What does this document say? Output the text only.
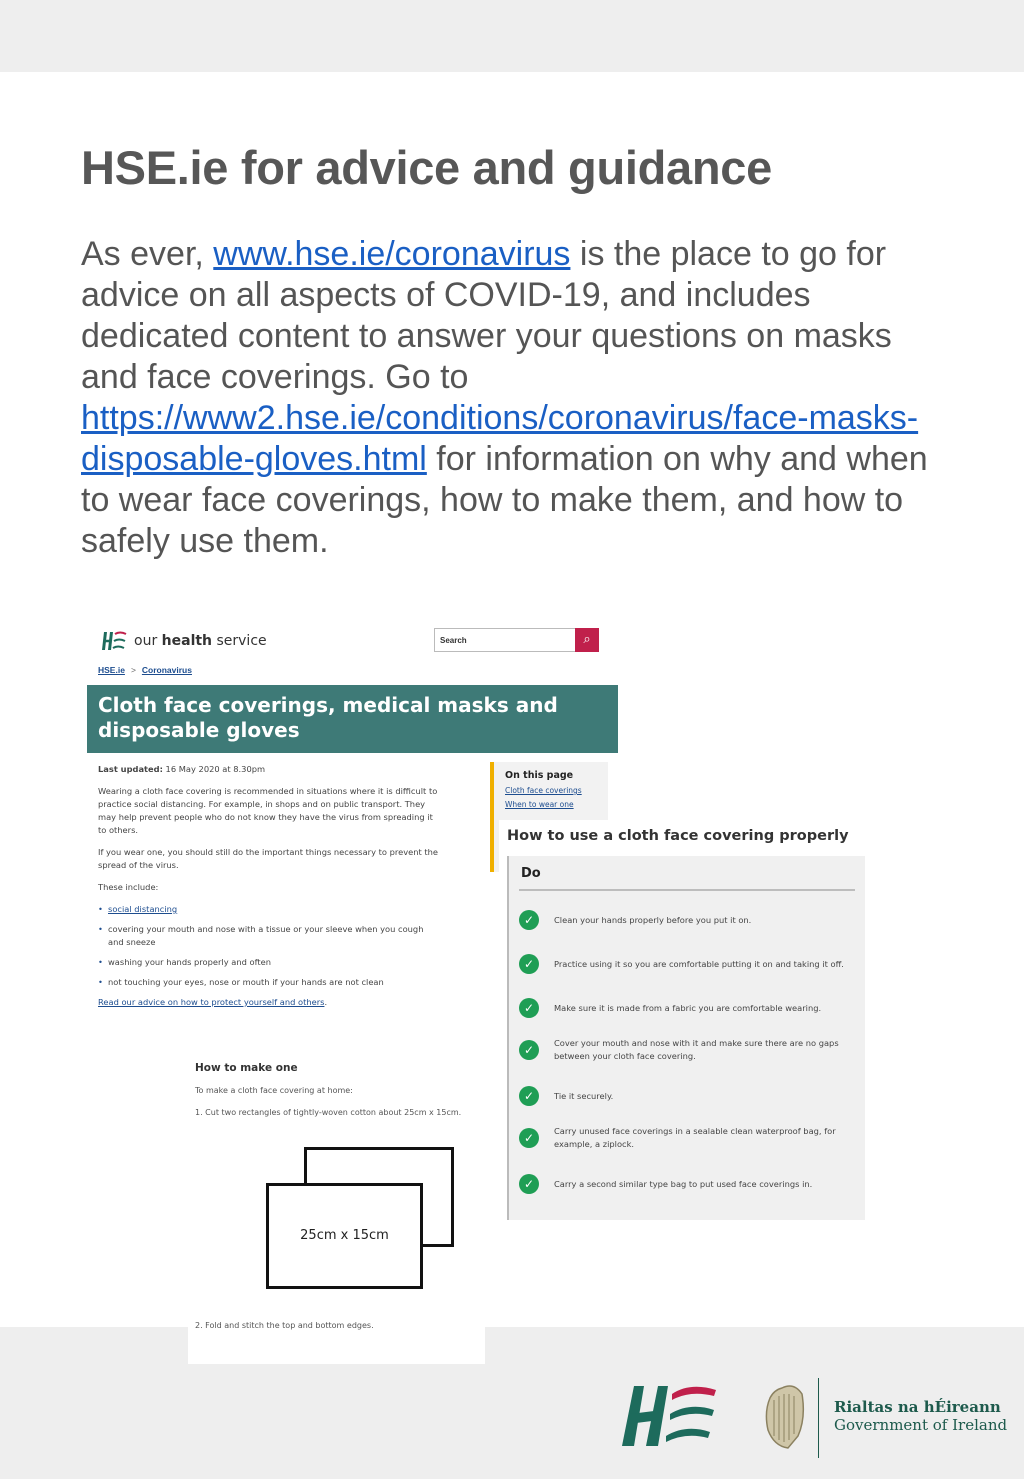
HSE.ie for advice and guidance

As ever, www.hse.ie/coronavirus is the place to go for advice on all aspects of COVID-19, and includes dedicated content to answer your questions on masks and face coverings. Go to https://www2.hse.ie/conditions/coronavirus/face-masks-disposable-gloves.html for information on why and when to wear face coverings, how to make them, and how to safely use them.

our health service	Search	⌕
HSE.ie > Coronavirus
Cloth face coverings, medical masks and disposable gloves

Last updated: 16 May 2020 at 8.30pm

Wearing a cloth face covering is recommended in situations where it is difficult to practice social distancing. For example, in shops and on public transport. They may help prevent people who do not know they have the virus from spreading it to others.

If you wear one, you should still do the important things necessary to prevent the spread of the virus.

These include:

• social distancing
• covering your mouth and nose with a tissue or your sleeve when you cough and sneeze
• washing your hands properly and often
• not touching your eyes, nose or mouth if your hands are not clean

Read our advice on how to protect yourself and others.

On this page
Cloth face coverings
When to wear one
How to use a cloth face covering properly
Do
✓	Clean your hands properly before you put it on.
✓	Practice using it so you are comfortable putting it on and taking it off.
✓	Make sure it is made from a fabric you are comfortable wearing.
✓	Cover your mouth and nose with it and make sure there are no gaps between your cloth face covering.
✓	Tie it securely.
✓	Carry unused face coverings in a sealable clean waterproof bag, for example, a ziplock.
✓	Carry a second similar type bag to put used face coverings in.
How to make one
To make a cloth face covering at home:
1. Cut two rectangles of tightly-woven cotton about 25cm x 15cm.
25cm x 15cm
2. Fold and stitch the top and bottom edges.
Rialtas na hÉireann
Government of Ireland
